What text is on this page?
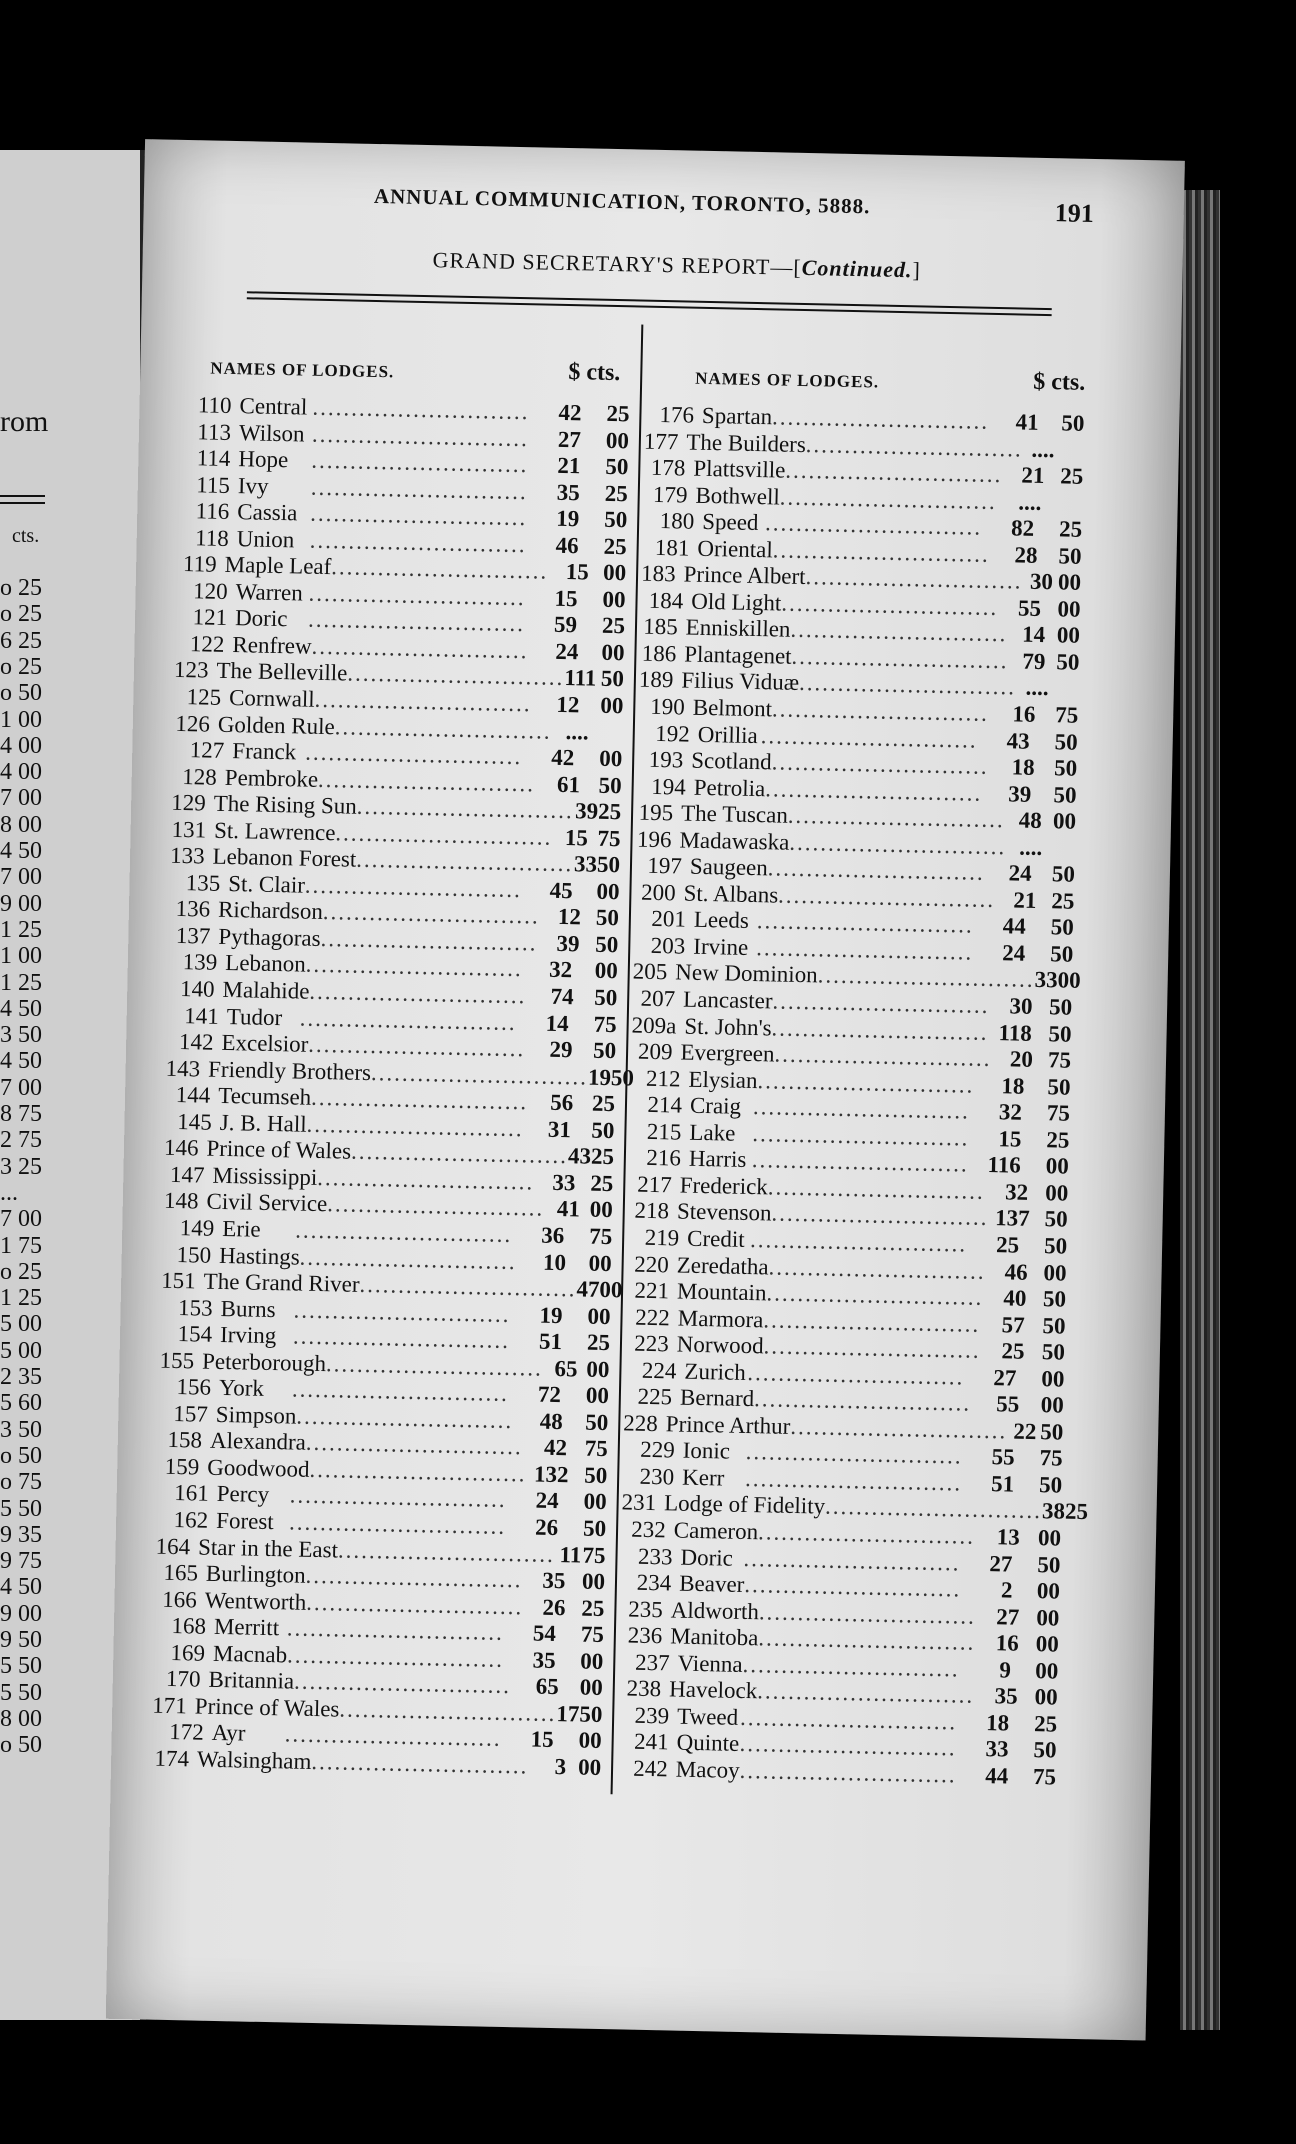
rom
cts.
o 25
o 25
6 25
o 25
o 50
1 00
4 00
4 00
7 00
8 00
4 50
7 00
9 00
1 25
1 00
1 25
4 50
3 50
4 50
7 00
8 75
2 75
3 25
...
7 00
1 75
o 25
1 25
5 00
5 00
2 35
5 60
3 50
o 50
o 75
5 50
9 35
9 75
4 50
9 00
9 50
5 50
5 50
8 00
o 50
ANNUAL COMMUNICATION, TORONTO, 5888.	191
GRAND SECRETARY'S REPORT—[Continued.]
NAMES OF LODGES.	$ cts.
110 Central ............................	42	25
113 Wilson ............................	27	00
114 Hope ............................	21	50
115 Ivy	............................	35	25
116 Cassia ............................	19	50
118 Union ............................	46	25
119 Maple Leaf ............................ 15 00
120 Warren ............................	15	00
121 Doric ............................	59	25
122 Renfrew ............................	24 00
123 The Belleville ............................ 111 50
125 Cornwall ............................	12 00
126 Golden Rule ............................ ....
127 Franck ............................	42	00
128 Pembroke ............................ 61 50
129 The Rising Sun ............................ 39 25
131 St. Lawrence ............................ 15 75
133 Lebanon Forest ............................ 33 50
135 St. Clair ............................	45	00
136 Richardson ............................ 12 50
137 Pythagoras ............................ 39 50
139 Lebanon ............................	32 00
140 Malahide ............................	74 50
141 Tudor ............................	14	75
142 Excelsior ............................	29 50
143 Friendly Brothers ............................ 19 50
144 Tecumseh ............................ 56 25
145 J. B. Hall ............................	31 50
146 Prince of Wales ............................ 43 25
147 Mississippi ............................ 33 25
148 Civil Service ............................ 41 00
149 Erie	............................	36	75
150 Hastings ............................	10 00
151 The Grand River ............................ 47 00
153 Burns ............................	19	00
154 Irving ............................	51	25
155 Peterborough ............................ 65 00
156 York	............................	72	00
157 Simpson ............................	48 50
158 Alexandra ............................ 42 75
159 Goodwood ............................ 132 50
161 Percy ............................	24	00
162 Forest ............................	26	50
164 Star in the East ............................ 11 75
165 Burlington ............................ 35 00
166 Wentworth ............................ 26 25
168 Merritt ............................	54	75
169 Macnab ............................	35	00
170 Britannia ............................	65 00
171 Prince of Wales ............................ 17 50
172 Ayr	............................	15	00
174 Walsingham ............................	3 00
NAMES OF LODGES.	$ cts.
176 Spartan ............................	41 50
177 The Builders ............................ ....
178 Plattsville ............................ 21 25
179 Bothwell ............................ ....
180 Speed ............................	82	25
181 Oriental ............................	28 50
183 Prince Albert ............................ 30 00
184 Old Light ............................ 55 00
185 Enniskillen ............................ 14 00
186 Plantagenet ............................ 79 50
189 Filius Viduæ ............................ ....
190 Belmont ............................ 16 75
192 Orillia ............................	43	50
193 Scotland ............................ 18 50
194 Petrolia ............................	39 50
195 The Tuscan ............................ 48 00
196 Madawaska ............................ ....
197 Saugeen ............................	24 50
200 St. Albans ............................ 21 25
201 Leeds ............................	44	50
203 Irvine ............................	24	50
205 New Dominion ............................ 33 00
207 Lancaster ............................ 30 50
209a St. John's ............................ 118 50
209 Evergreen ............................ 20 75
212 Elysian ............................	18 50
214 Craig ............................	32	75
215 Lake ............................	15	25
216 Harris ............................ 116	00
217 Frederick ............................ 32 00
218 Stevenson ............................ 137 50
219 Credit ............................	25	50
220 Zeredatha ............................ 46 00
221 Mountain ............................ 40 50
222 Marmora ............................ 57 50
223 Norwood ............................ 25 50
224 Zurich ............................	27	00
225 Bernard ............................	55 00
228 Prince Arthur ............................ 22 50
229 Ionic ............................	55	75
230 Kerr ............................	51	50
231 Lodge of Fidelity ............................ 38 25
232 Cameron ............................ 13 00
233 Doric ............................	27	50
234 Beaver ............................	2	00
235 Aldworth ............................ 27 00
236 Manitoba ............................ 16 00
237 Vienna ............................	9	00
238 Havelock ............................ 35 00
239 Tweed ............................	18	25
241 Quinte ............................	33	50
242 Macoy ............................	44	75
